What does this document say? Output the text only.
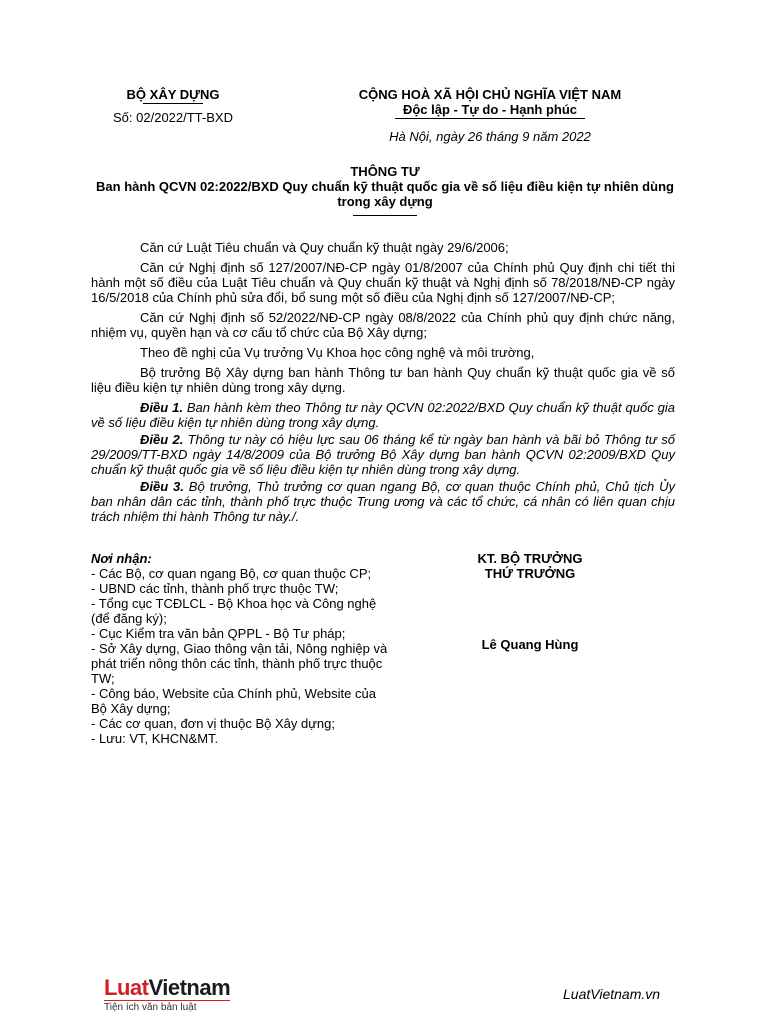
BỘ XÂY DỰNG
Số: 02/2022/TT-BXD
CỘNG HOÀ XÃ HỘI CHỦ NGHĨA VIỆT NAM
Độc lập - Tự do - Hạnh phúc
Hà Nội, ngày 26 tháng 9 năm 2022
THÔNG TƯ
Ban hành QCVN 02:2022/BXD Quy chuẩn kỹ thuật quốc gia về số liệu điều kiện tự nhiên dùng
trong xây dựng

Căn cứ Luật Tiêu chuẩn và Quy chuẩn kỹ thuật ngày 29/6/2006;

Căn cứ Nghị định số 127/2007/NĐ-CP ngày 01/8/2007 của Chính phủ Quy định chi tiết thi hành một số điều của Luật Tiêu chuẩn và Quy chuẩn kỹ thuật và Nghị định số 78/2018/NĐ-CP ngày 16/5/2018 của Chính phủ sửa đổi, bổ sung một số điều của Nghị định số 127/2007/NĐ-CP;

Căn cứ Nghị định số 52/2022/NĐ-CP ngày 08/8/2022 của Chính phủ quy định chức năng, nhiệm vụ, quyền hạn và cơ cấu tổ chức của Bộ Xây dựng;

Theo đề nghị của Vụ trưởng Vụ Khoa học công nghệ và môi trường,

Bộ trưởng Bộ Xây dựng ban hành Thông tư ban hành Quy chuẩn kỹ thuật quốc gia về số liệu điều kiện tự nhiên dùng trong xây dựng.

Điều 1. Ban hành kèm theo Thông tư này QCVN 02:2022/BXD Quy chuẩn kỹ thuật quốc gia về số liệu điều kiện tự nhiên dùng trong xây dựng.

Điều 2. Thông tư này có hiệu lực sau 06 tháng kể từ ngày ban hành và bãi bỏ Thông tư số 29/2009/TT-BXD ngày 14/8/2009 của Bộ trưởng Bộ Xây dựng ban hành QCVN 02:2009/BXD Quy chuẩn kỹ thuật quốc gia về số liệu điều kiện tự nhiên dùng trong xây dựng.

Điều 3. Bộ trưởng, Thủ trưởng cơ quan ngang Bộ, cơ quan thuộc Chính phủ, Chủ tịch Ủy ban nhân dân các tỉnh, thành phố trực thuộc Trung ương và các tổ chức, cá nhân có liên quan chịu trách nhiệm thi hành Thông tư này./.

Nơi nhận:
- Các Bộ, cơ quan ngang Bộ, cơ quan thuộc CP;
- UBND các tỉnh, thành phố trực thuộc TW;
- Tổng cục TCĐLCL - Bộ Khoa học và Công nghệ (để đăng ký);
- Cục Kiểm tra văn bản QPPL - Bộ Tư pháp;
- Sở Xây dựng, Giao thông vận tải, Nông nghiệp và phát triển nông thôn các tỉnh, thành phố trực thuộc TW;
- Công báo, Website của Chính phủ, Website của Bộ Xây dựng;
- Các cơ quan, đơn vị thuộc Bộ Xây dựng;
- Lưu: VT, KHCN&MT.
KT. BỘ TRƯỞNG
THỨ TRƯỞNG
Lê Quang Hùng
LuatVietnam
Tiện ích văn bản luật
LuatVietnam.vn
